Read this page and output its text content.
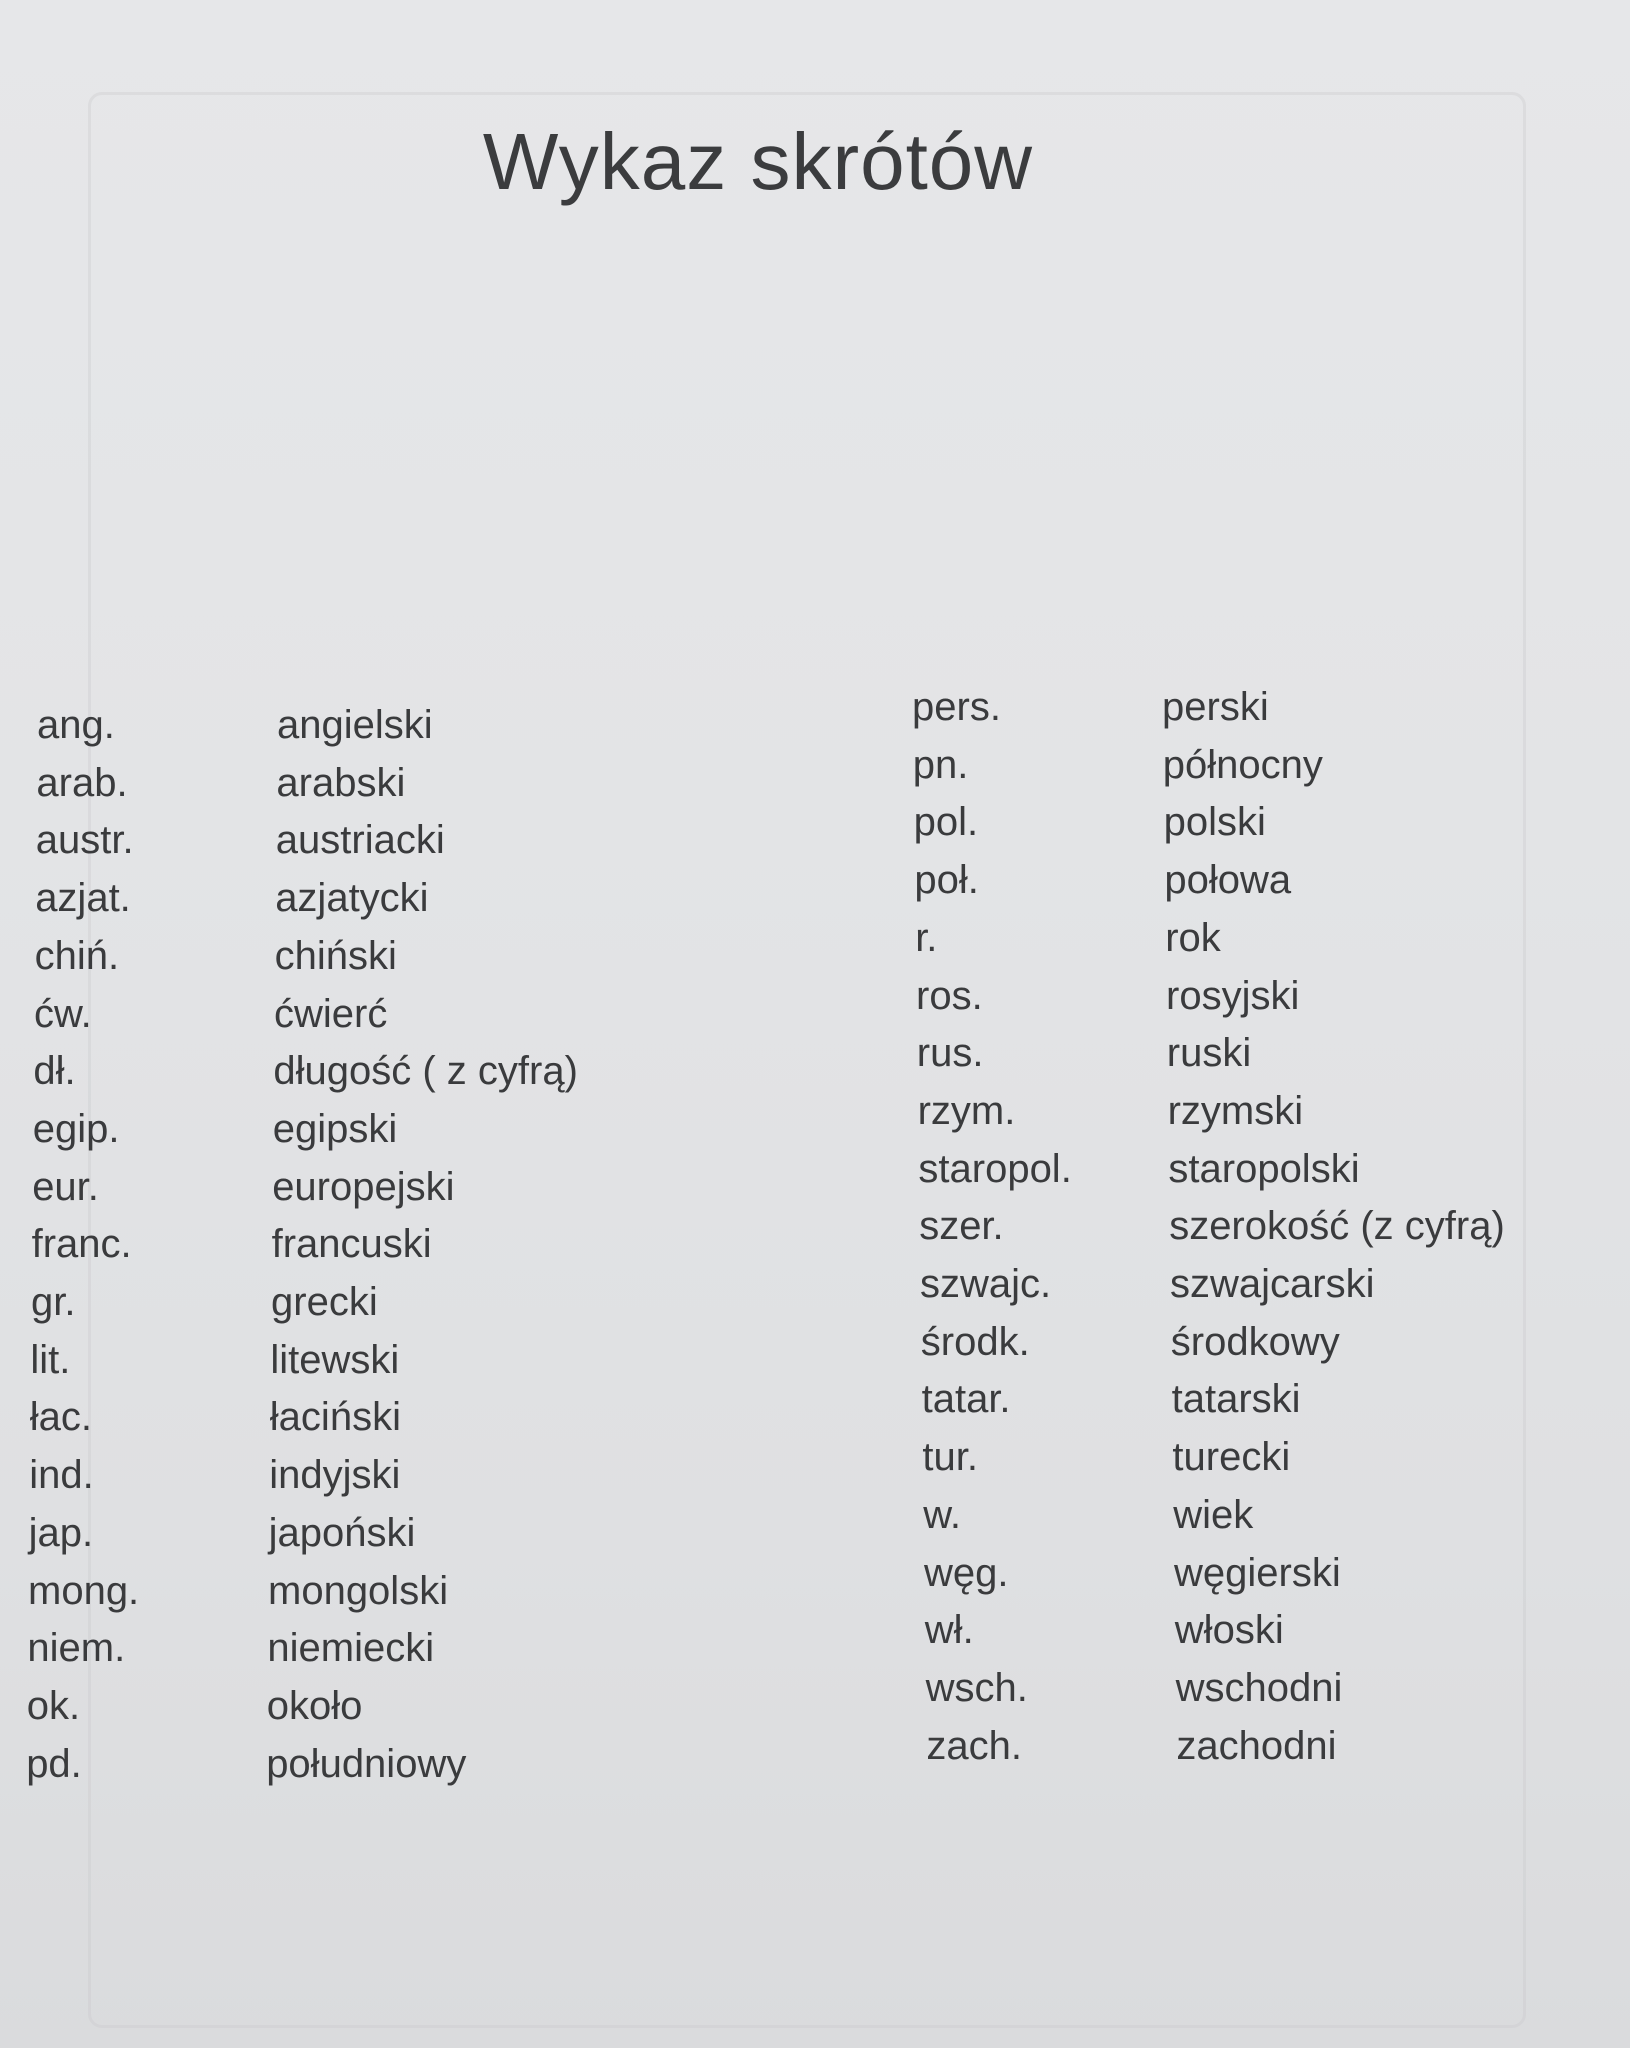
Wykaz skrótów
ang.	angielski
arab.	arabski
austr.	austriacki
azjat.	azjatycki
chiń.	chiński
ćw.	ćwierć
dł.	długość ( z cyfrą)
egip.	egipski
eur.	europejski
franc.	francuski
gr.	grecki
lit.	litewski
łac.	łaciński
ind.	indyjski
jap.	japoński
mong.	mongolski
niem.	niemiecki
ok.	około
pd.	południowy
pers.	perski
pn.	północny
pol.	polski
poł.	połowa
r.	rok
ros.	rosyjski
rus.	ruski
rzym.	rzymski
staropol. staropolski
szer.	szerokość (z cyfrą)
szwajc.	szwajcarski
środk.	środkowy
tatar.	tatarski
tur.	turecki
w.	wiek
węg.	węgierski
wł.	włoski
wsch.	wschodni
zach.	zachodni
